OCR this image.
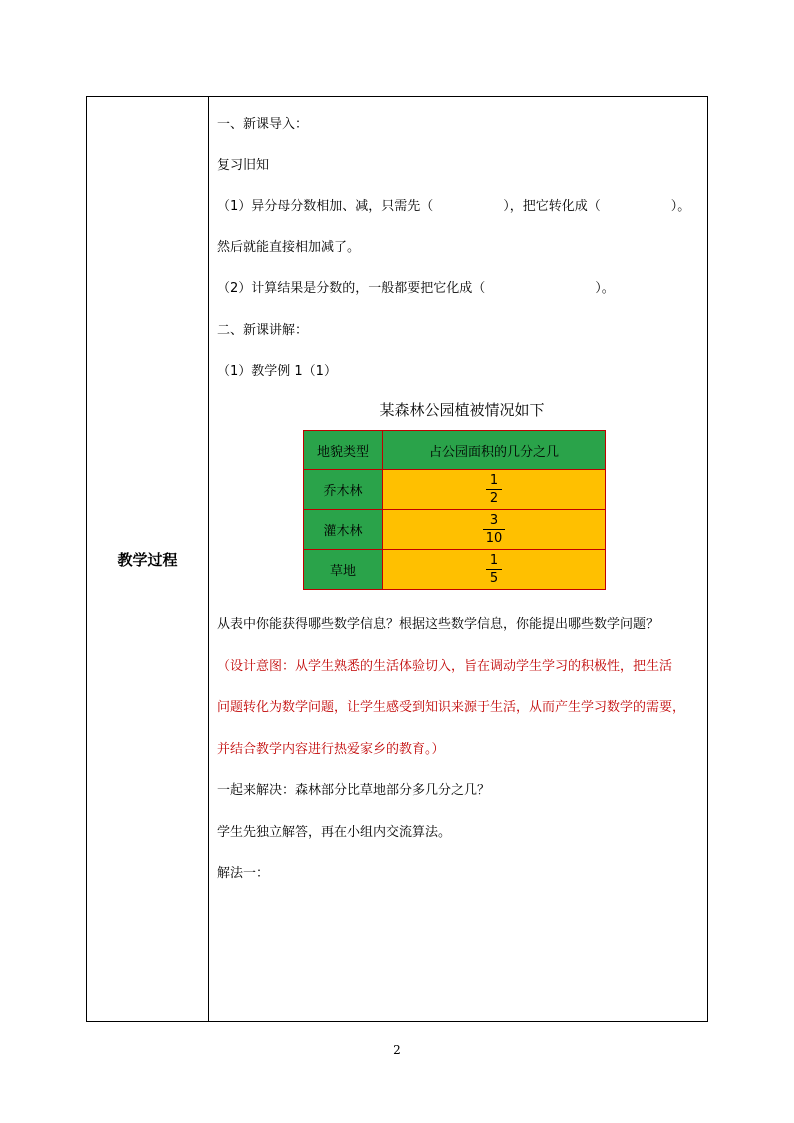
教学过程
一、新课导入：
复习旧知
（1）异分母分数相加、减，只需先（	），把它转化成（	）。
然后就能直接相加减了。
（2）计算结果是分数的，一般都要把它化成（	）。
二、新课讲解：
（1）教学例 1（1）
某森林公园植被情况如下
地貌类型	占公园面积的几分之几
乔木林	$\frac{1}{2}$

灌木林	$\frac{3}{10}$

草地	$\frac{1}{5}$
从表中你能获得哪些数学信息？根据这些数学信息，你能提出哪些数学问题？
（设计意图：从学生熟悉的生活体验切入，旨在调动学生学习的积极性，把生活
问题转化为数学问题，让学生感受到知识来源于生活，从而产生学习数学的需要，
并结合教学内容进行热爱家乡的教育。）
一起来解决：森林部分比草地部分多几分之几？
学生先独立解答，再在小组内交流算法。
解法一：
2
